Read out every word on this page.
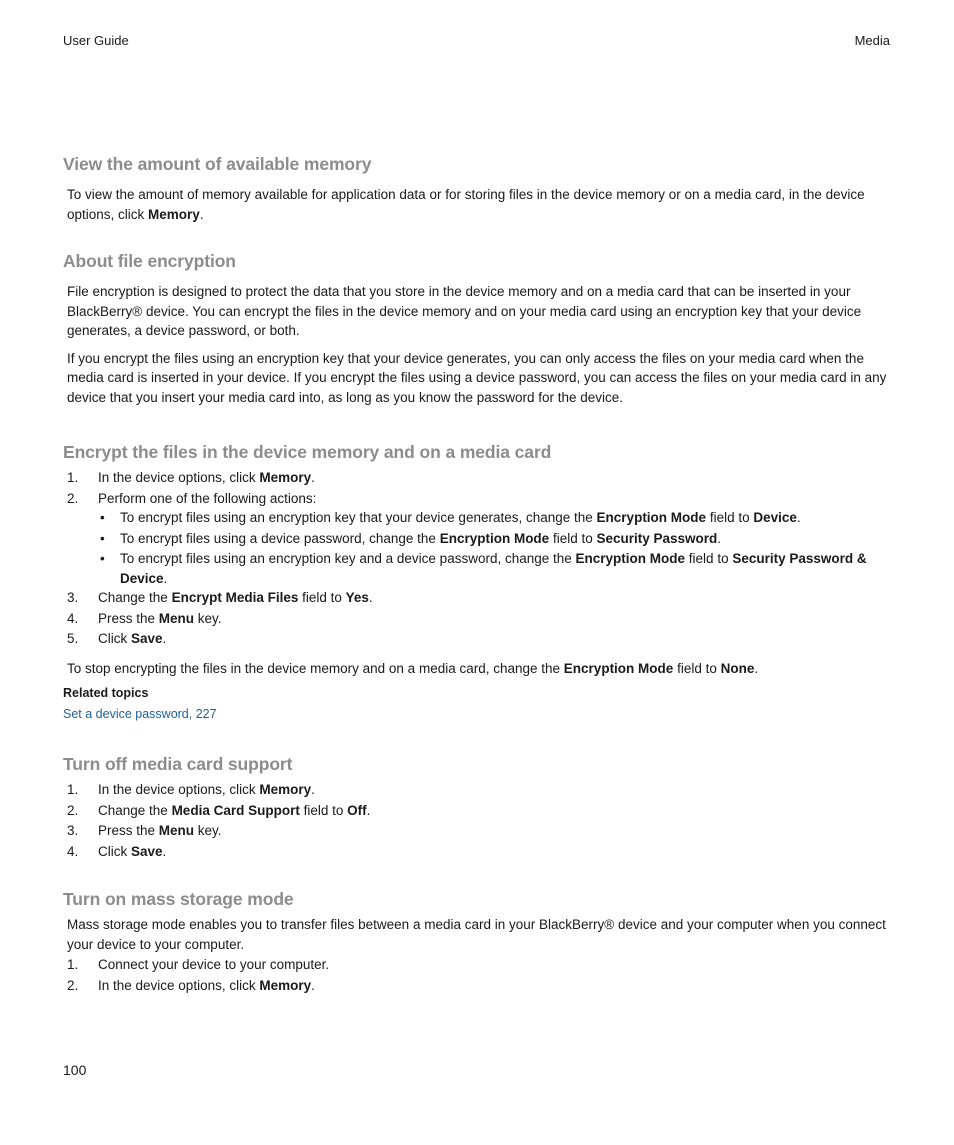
User Guide	Media
View the amount of available memory

To view the amount of memory available for application data or for storing files in the device memory or on a media card, in the device options, click Memory.

About file encryption

File encryption is designed to protect the data that you store in the device memory and on a media card that can be inserted in your BlackBerry® device. You can encrypt the files in the device memory and on your media card using an encryption key that your device generates, a device password, or both.

If you encrypt the files using an encryption key that your device generates, you can only access the files on your media card when the media card is inserted in your device. If you encrypt the files using a device password, you can access the files on your media card in any device that you insert your media card into, as long as you know the password for the device.

Encrypt the files in the device memory and on a media card
1. In the device options, click Memory.
2. Perform one of the following actions:
• To encrypt files using an encryption key that your device generates, change the Encryption Mode field to Device.
• To encrypt files using a device password, change the Encryption Mode field to Security Password.
• To encrypt files using an encryption key and a device password, change the Encryption Mode field to Security Password & Device.
3. Change the Encrypt Media Files field to Yes.
4. Press the Menu key.
5. Click Save.

To stop encrypting the files in the device memory and on a media card, change the Encryption Mode field to None.

Related topics
Set a device password, 227
Turn off media card support
1. In the device options, click Memory.
2. Change the Media Card Support field to Off.
3. Press the Menu key.
4. Click Save.
Turn on mass storage mode

Mass storage mode enables you to transfer files between a media card in your BlackBerry® device and your computer when you connect your device to your computer.

1. Connect your device to your computer.
2. In the device options, click Memory.
100
